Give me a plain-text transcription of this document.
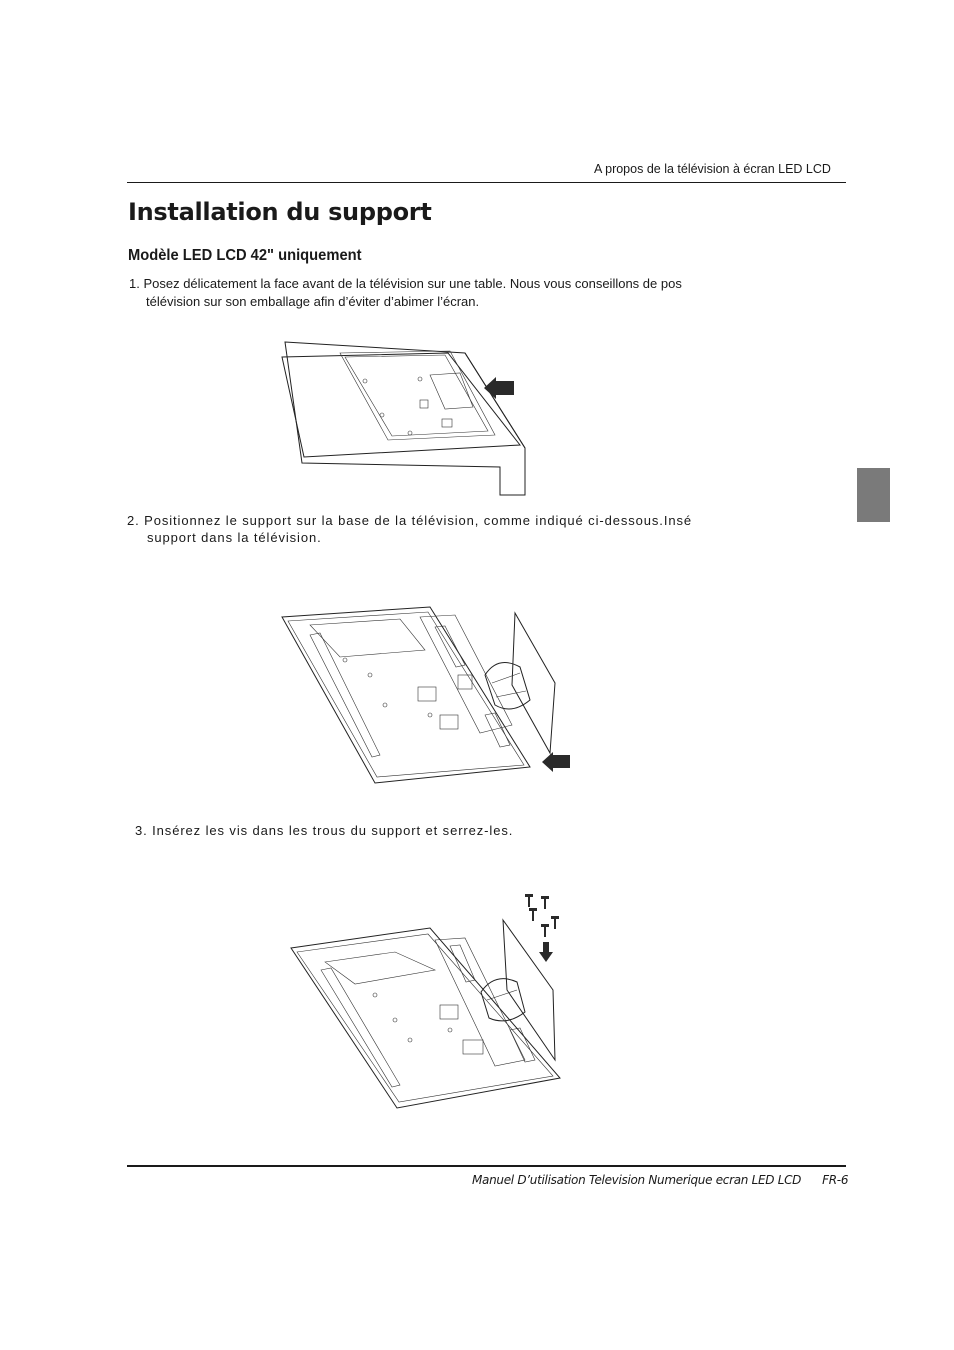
A propos de la télévision à écran LED LCD
Installation du support
Modèle LED LCD 42" uniquement
1. Posez délicatement la face avant de la télévision sur une table. Nous vous conseillons de pos
télévision sur son emballage afin d’éviter d’abimer l’écran.
2. Positionnez le support sur la base de la télévision, comme indiqué ci-dessous.Insé
support dans la télévision.
3. Insérez les vis dans les trous du support et serrez-les.
Manuel D’utilisation Television Numerique ecran LED LCD FR-6
